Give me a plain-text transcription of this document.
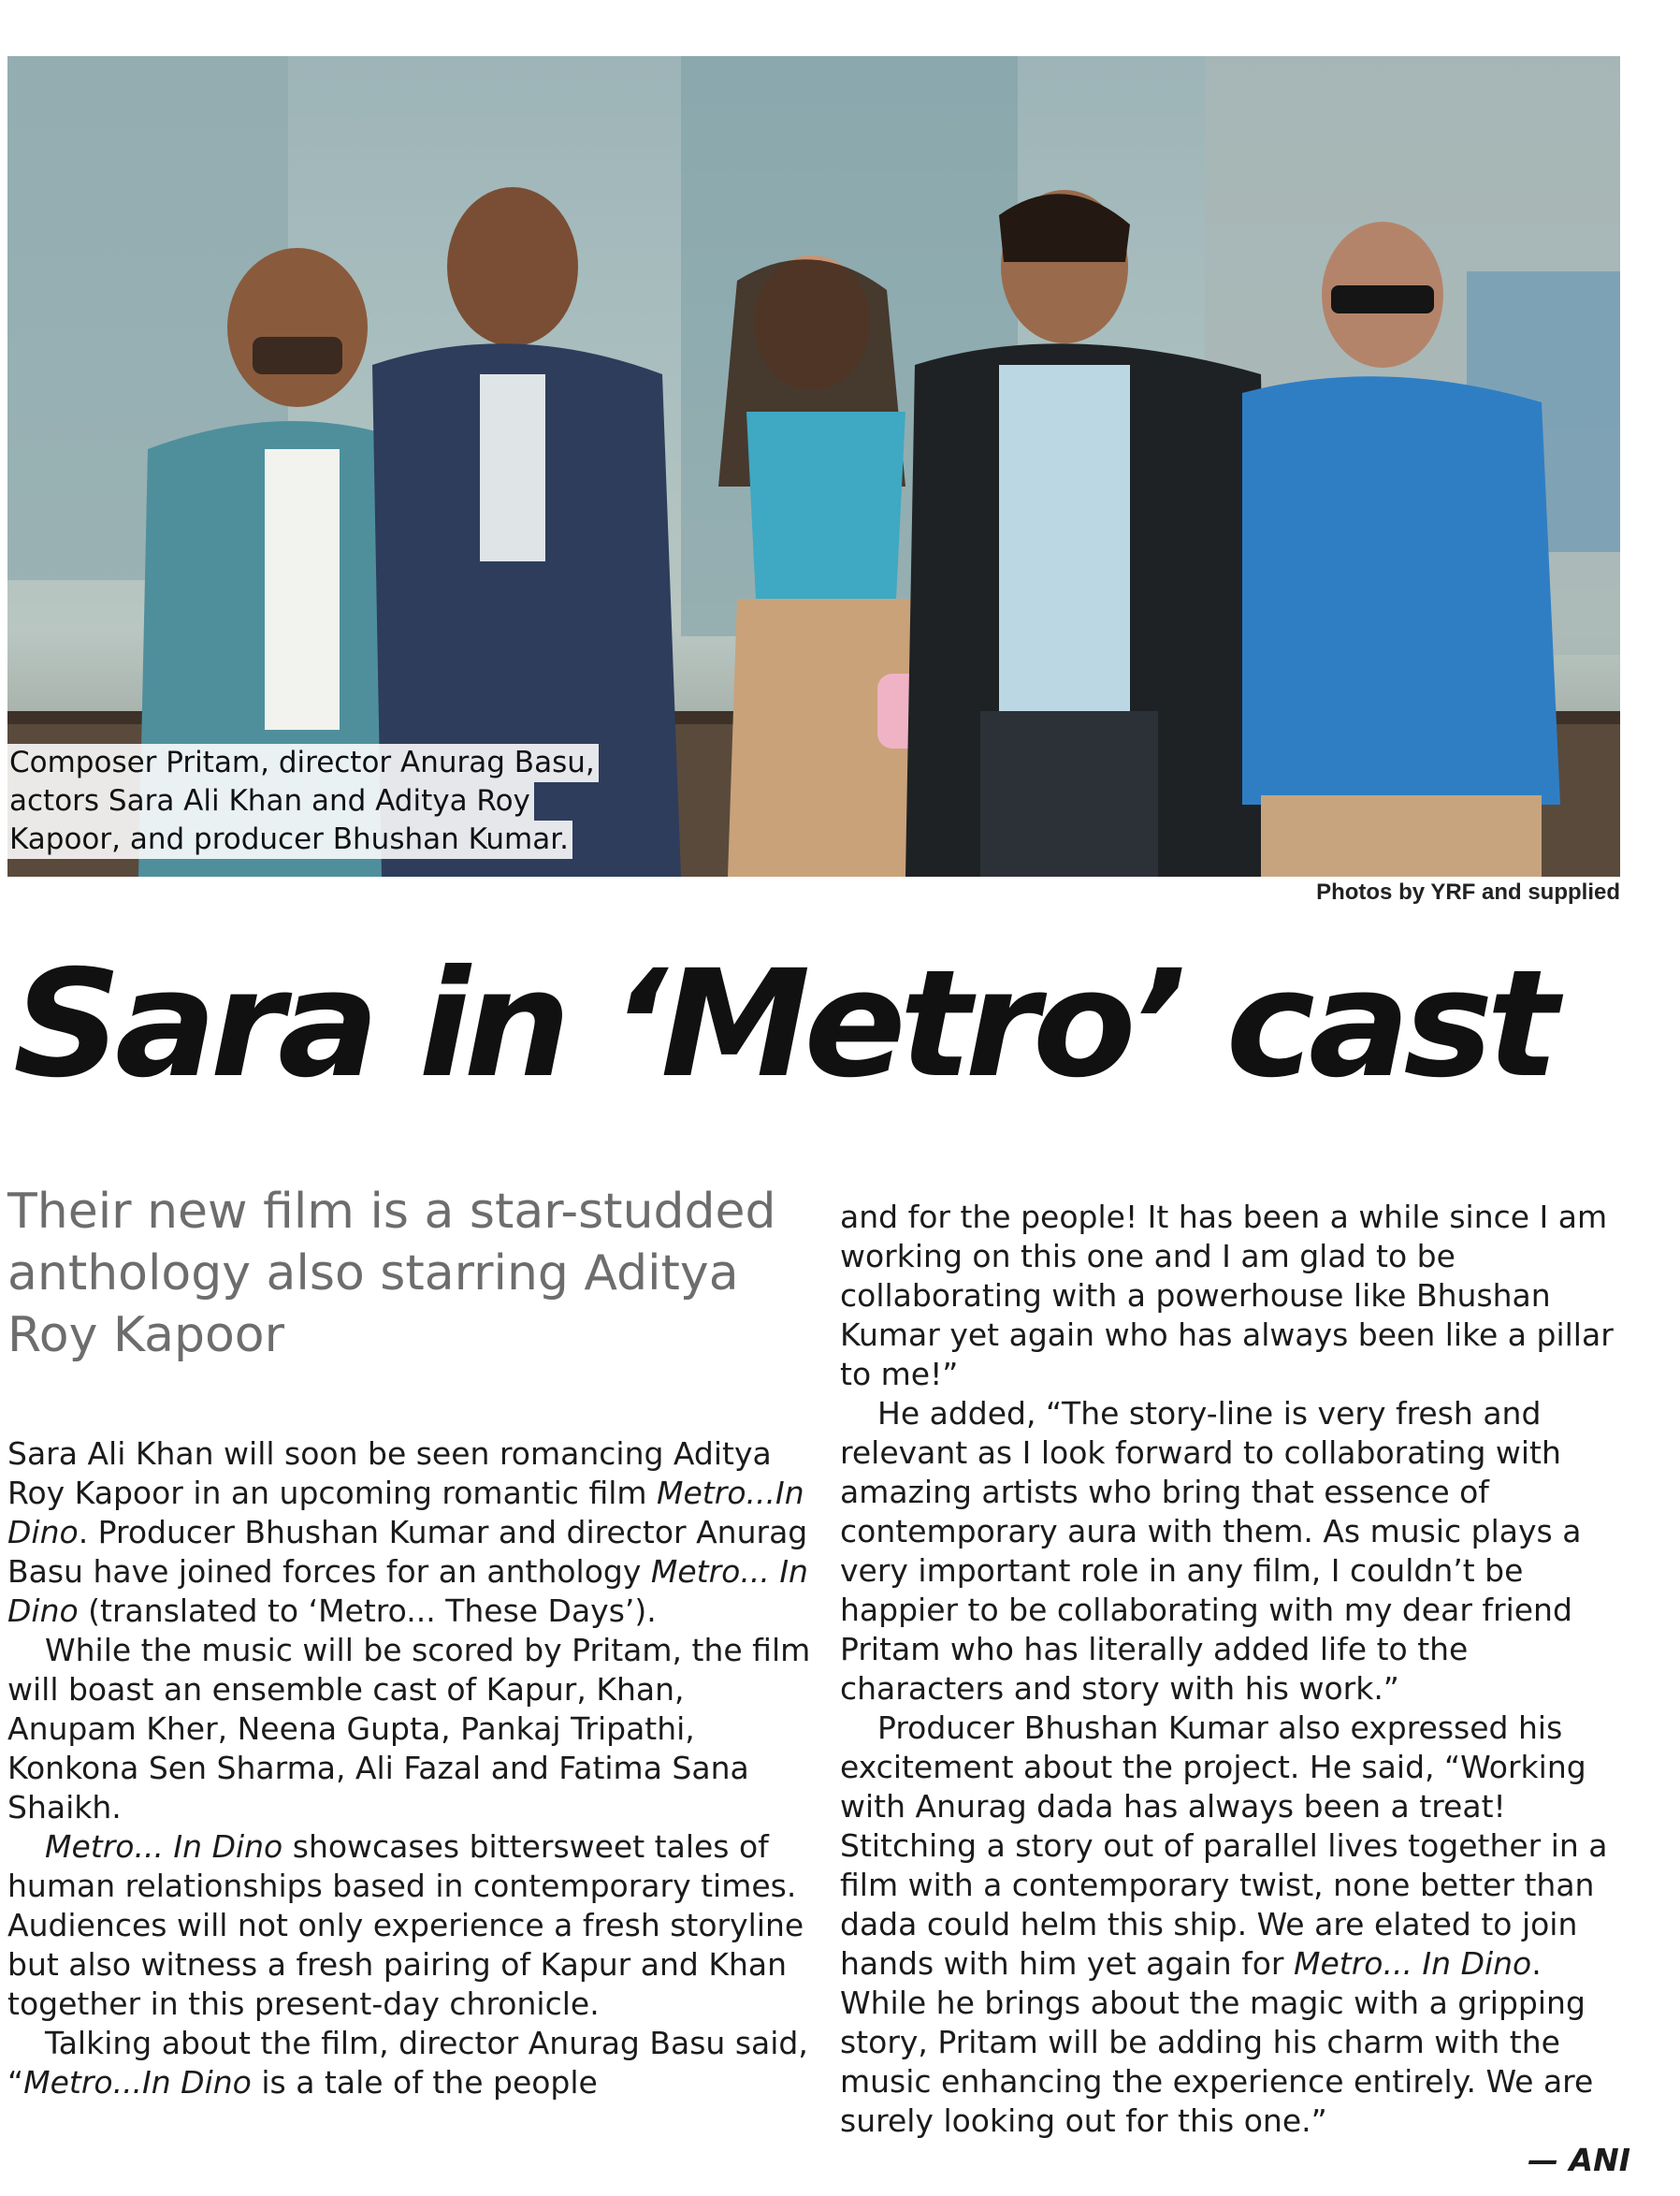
Composer Pritam, director Anurag Basu,
actors Sara Ali Khan and Aditya Roy
Kapoor, and producer Bhushan Kumar.
Photos by YRF and supplied
Sara in ‘Metro’ cast
Their new film is a star-studded anthology also starring Aditya Roy Kapoor

Sara Ali Khan will soon be seen romancing Aditya Roy Kapoor in an upcoming romantic film Metro...In Dino. Producer Bhushan Kumar and director Anurag Basu have joined forces for an anthology Metro... In Dino (translated to ‘Metro... These Days’).

While the music will be scored by Pritam, the film will boast an ensemble cast of Kapur, Khan, Anupam Kher, Neena Gupta, Pankaj Tripathi, Konkona Sen Sharma, Ali Fazal and Fatima Sana Shaikh.

Metro... In Dino showcases bittersweet tales of human relationships based in contemporary times. Audiences will not only experience a fresh storyline but also witness a fresh pairing of Kapur and Khan together in this present-day chronicle.

Talking about the film, director Anurag Basu said, “Metro...In Dino is a tale of the people

and for the people! It has been a while since I am working on this one and I am glad to be collaborating with a powerhouse like Bhushan Kumar yet again who has always been like a pillar to me!”

He added, “The story-line is very fresh and relevant as I look forward to collaborating with amazing artists who bring that essence of contemporary aura with them. As music plays a very important role in any film, I couldn’t be happier to be collaborating with my dear friend Pritam who has literally added life to the characters and story with his work.”

Producer Bhushan Kumar also expressed his excitement about the project. He said, “Working with Anurag dada has always been a treat! Stitching a story out of parallel lives together in a film with a contemporary twist, none better than dada could helm this ship. We are elated to join hands with him yet again for Metro... In Dino. While he brings about the magic with a gripping story, Pritam will be adding his charm with the music enhancing the experience entirely. We are surely looking out for this one.”

— ANI
